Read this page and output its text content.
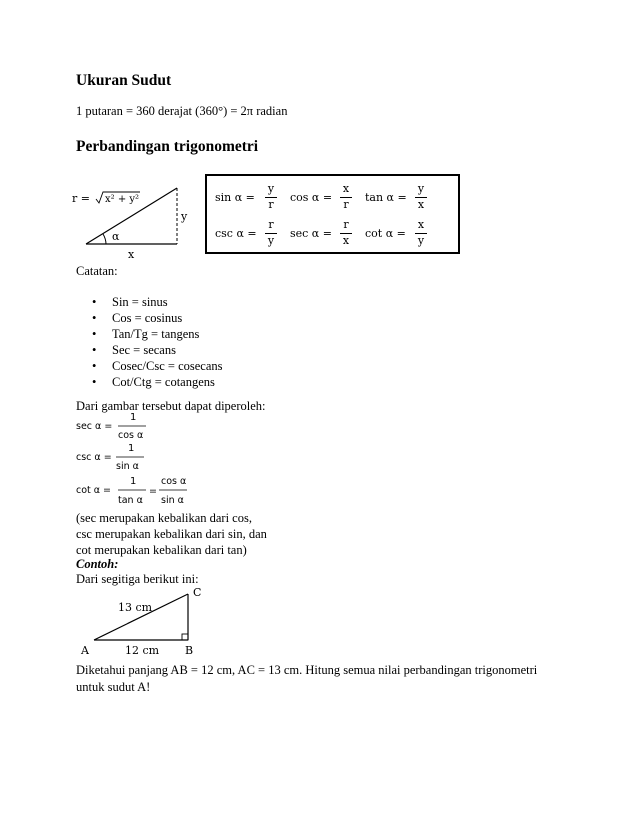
Ukuran Sudut
1 putaran = 360 derajat (360°) = 2π radian
Perbandingan trigonometri
r = x² + y²
y
α
x
sin α =
y
r
cos α =
x
r
tan α =
y
x
csc α =
r
y
sec α =
r
x
cot α =
x
y
Catatan:
• Sin = sinus
• Cos = cosinus
• Tan/Tg = tangens
• Sec = secans
• Cosec/Csc = cosecans
• Cot/Ctg = cotangens
Dari gambar tersebut dapat diperoleh:
sec α =
1
cos α
csc α =
1
sin α
cot α =
1
tan α
=
cos α
sin α
(sec merupakan kebalikan dari cos,
csc merupakan kebalikan dari sin, dan
cot merupakan kebalikan dari tan)
Contoh:
Dari segitiga berikut ini:
13 cm
12 cm
A	B
C
Diketahui panjang AB = 12 cm, AC = 13 cm. Hitung semua nilai perbandingan trigonometri
untuk sudut A!
